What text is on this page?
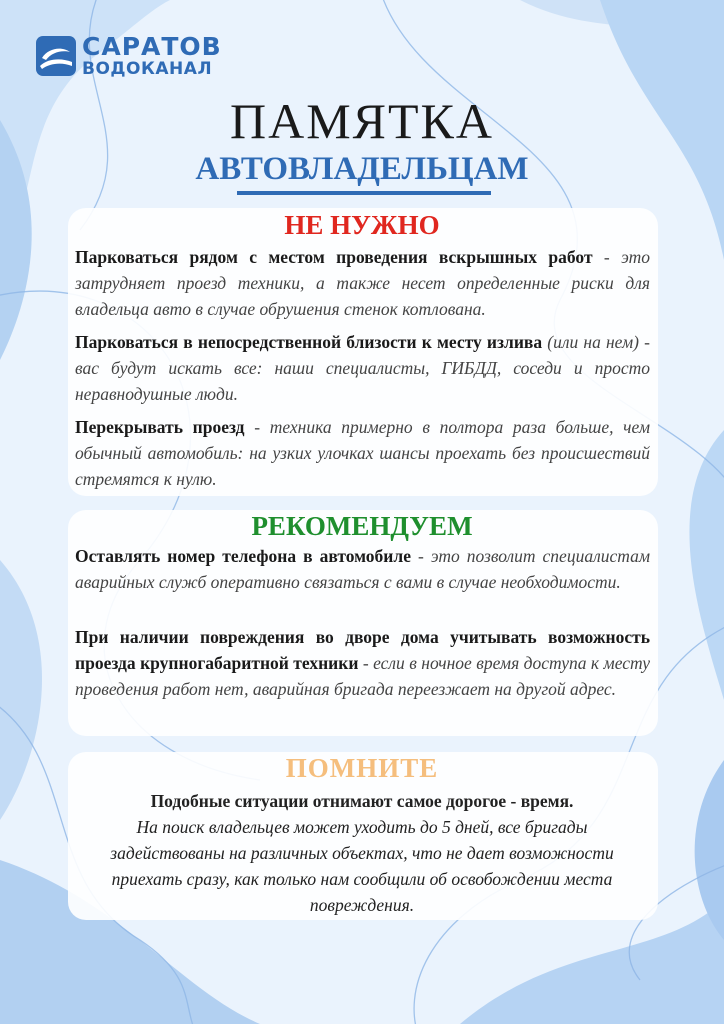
САРАТОВ
ВОДОКАНАЛ
ПАМЯТКА
АВТОВЛАДЕЛЬЦАМ
НЕ НУЖНО
Парковаться рядом с местом проведения вскрышных работ - это затрудняет проезд техники, а также несет определенные риски для владельца авто в случае обрушения стенок котлована.
Парковаться в непосредственной близости к месту излива (или на нем) - вас будут искать все: наши специалисты, ГИБДД, соседи и просто неравнодушные люди.
Перекрывать проезд - техника примерно в полтора раза больше, чем обычный автомобиль: на узких улочках шансы проехать без происшествий стремятся к нулю.
РЕКОМЕНДУЕМ
Оставлять номер телефона в автомобиле - это позволит специалистам аварийных служб оперативно связаться с вами в случае необходимости.
При наличии повреждения во дворе дома учитывать возможность проезда крупногабаритной техники - если в ночное время доступа к месту проведения работ нет, аварийная бригада переезжает на другой адрес.
ПОМНИТЕ
Подобные ситуации отнимают самое дорогое - время.
На поиск владельцев может уходить до 5 дней, все бригады задействованы на различных объектах, что не дает возможности приехать сразу, как только нам сообщили об освобождении места повреждения.
